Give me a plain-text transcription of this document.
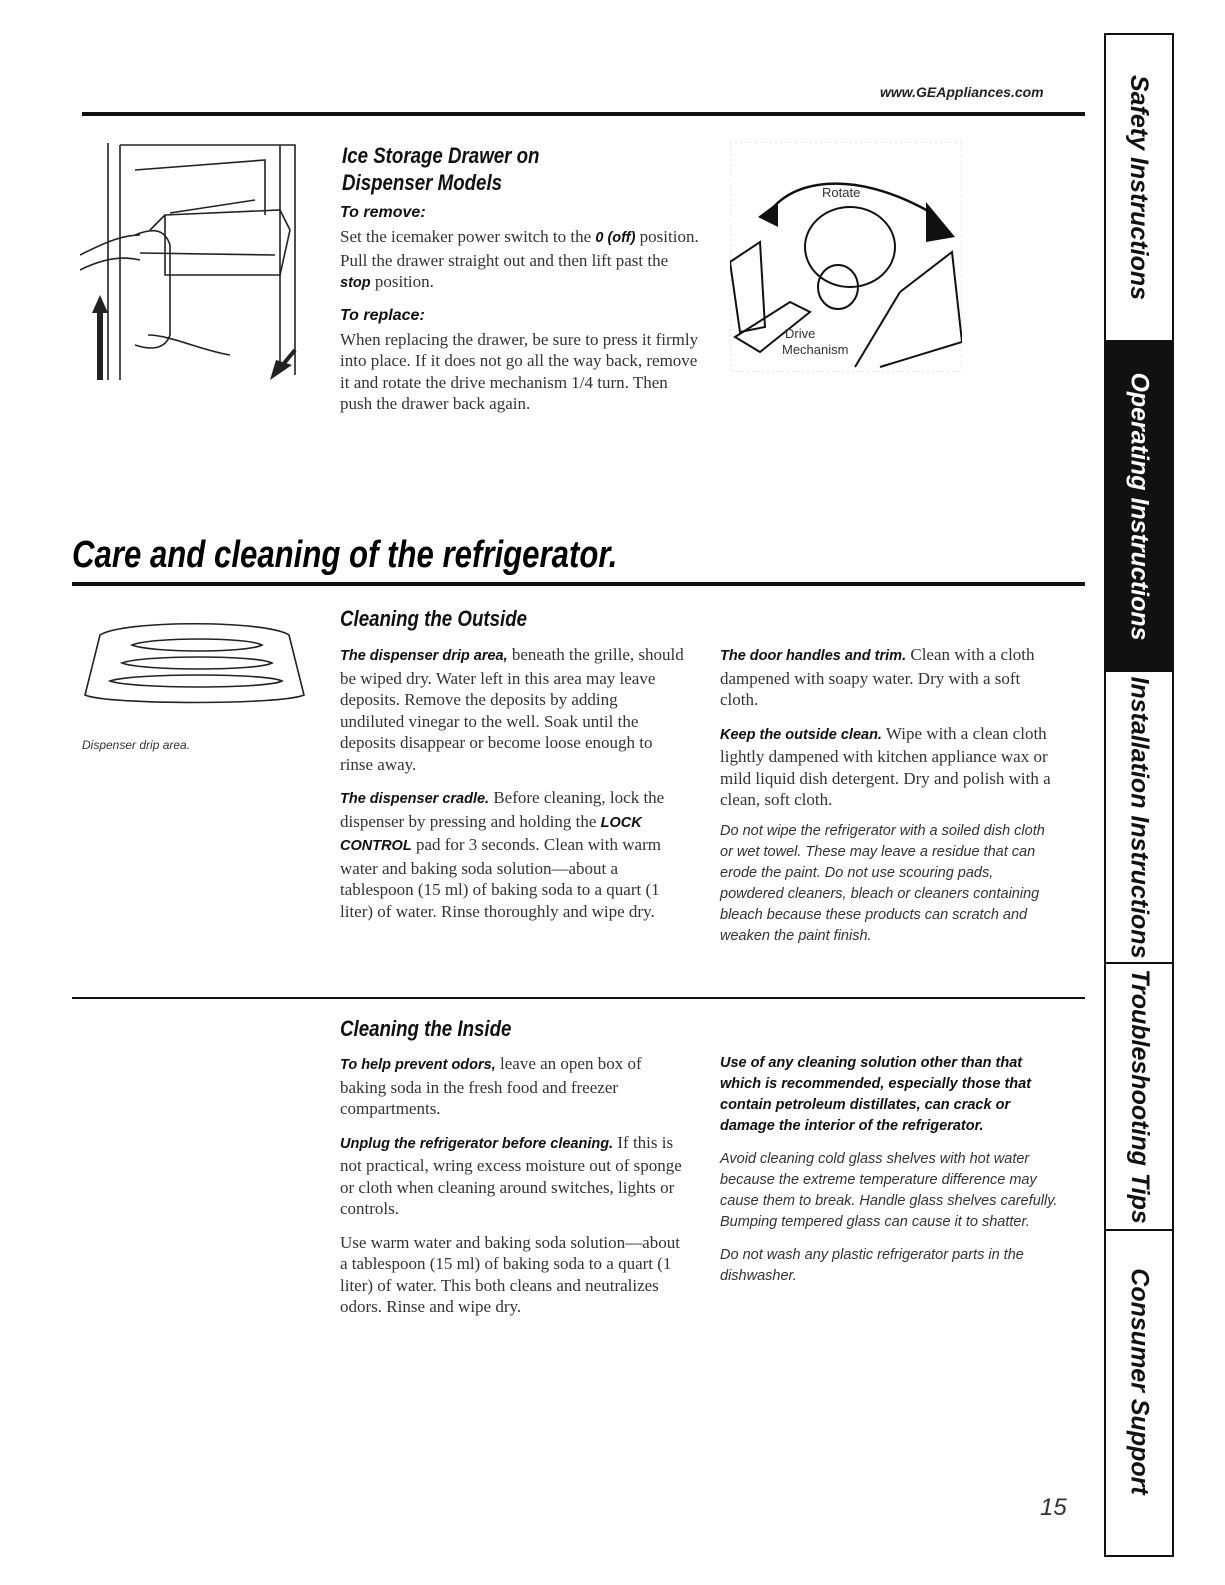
www.GEAppliances.com
Ice Storage Drawer on
Dispenser Models
To remove:

Set the icemaker power switch to the 0 (off) position. Pull the drawer straight out and then lift past the stop position.

To replace:

When replacing the drawer, be sure to press it firmly into place. If it does not go all the way back, remove it and rotate the drive mechanism 1/4 turn. Then push the drawer back again.

Rotate
Drive
Mechanism
Care and cleaning of the refrigerator.
Dispenser drip area.
Cleaning the Outside

The dispenser drip area, beneath the grille, should be wiped dry. Water left in this area may leave deposits. Remove the deposits by adding undiluted vinegar to the well. Soak until the deposits disappear or become loose enough to rinse away.

The dispenser cradle. Before cleaning, lock the dispenser by pressing and holding the LOCK CONTROL pad for 3 seconds. Clean with warm water and baking soda solution—about a tablespoon (15 ml) of baking soda to a quart (1 liter) of water. Rinse thoroughly and wipe dry.

The door handles and trim. Clean with a cloth dampened with soapy water. Dry with a soft cloth.

Keep the outside clean. Wipe with a clean cloth lightly dampened with kitchen appliance wax or mild liquid dish detergent. Dry and polish with a clean, soft cloth.

Do not wipe the refrigerator with a soiled dish cloth or wet towel. These may leave a residue that can erode the paint. Do not use scouring pads, powdered cleaners, bleach or cleaners containing bleach because these products can scratch and weaken the paint finish.

Cleaning the Inside

To help prevent odors, leave an open box of baking soda in the fresh food and freezer compartments.

Unplug the refrigerator before cleaning. If this is not practical, wring excess moisture out of sponge or cloth when cleaning around switches, lights or controls.

Use warm water and baking soda solution—about a tablespoon (15 ml) of baking soda to a quart (1 liter) of water. This both cleans and neutralizes odors. Rinse and wipe dry.

Use of any cleaning solution other than that which is recommended, especially those that contain petroleum distillates, can crack or damage the interior of the refrigerator.

Avoid cleaning cold glass shelves with hot water because the extreme temperature difference may cause them to break. Handle glass shelves carefully. Bumping tempered glass can cause it to shatter.

Do not wash any plastic refrigerator parts in the dishwasher.

Safety Instructions
Operating Instructions
Installation Instructions
Troubleshooting Tips
Consumer Support
15
